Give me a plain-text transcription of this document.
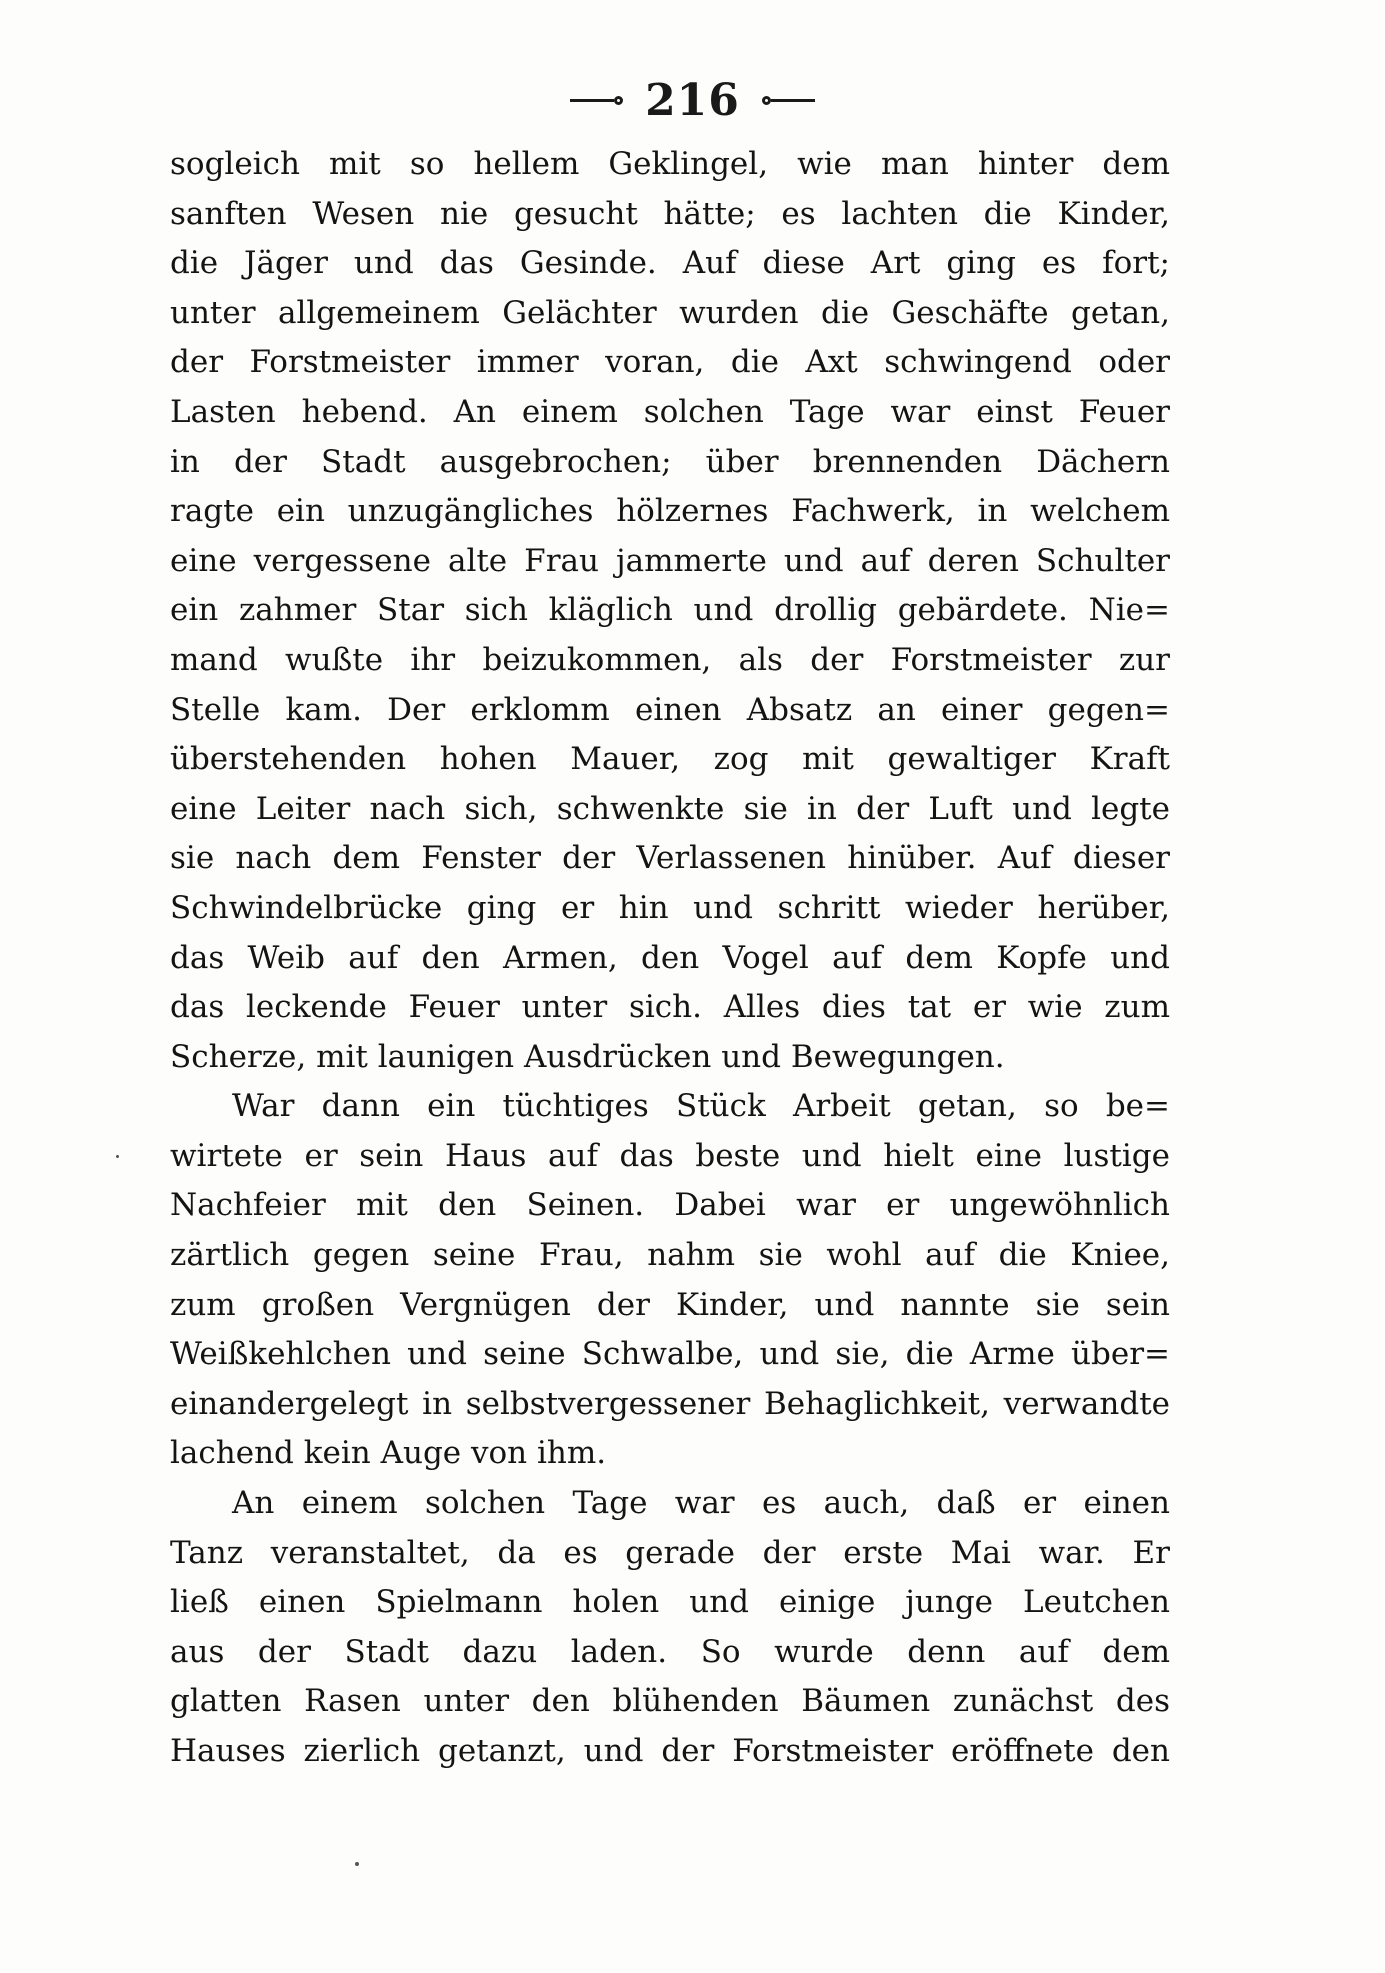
216
sogleich mit so hellem Geklingel, wie man hinter dem
sanften Wesen nie gesucht hätte; es lachten die Kinder,
die Jäger und das Gesinde. Auf diese Art ging es fort;
unter allgemeinem Gelächter wurden die Geschäfte getan,
der Forstmeister immer voran, die Axt schwingend oder
Lasten hebend. An einem solchen Tage war einst Feuer
in der Stadt ausgebrochen; über brennenden Dächern
ragte ein unzugängliches hölzernes Fachwerk, in welchem
eine vergessene alte Frau jammerte und auf deren Schulter
ein zahmer Star sich kläglich und drollig gebärdete. Nie=
mand wußte ihr beizukommen, als der Forstmeister zur
Stelle kam. Der erklomm einen Absatz an einer gegen=
überstehenden hohen Mauer, zog mit gewaltiger Kraft
eine Leiter nach sich, schwenkte sie in der Luft und legte
sie nach dem Fenster der Verlassenen hinüber. Auf dieser
Schwindelbrücke ging er hin und schritt wieder herüber,
das Weib auf den Armen, den Vogel auf dem Kopfe und
das leckende Feuer unter sich. Alles dies tat er wie zum
Scherze, mit launigen Ausdrücken und Bewegungen.
War dann ein tüchtiges Stück Arbeit getan, so be=
wirtete er sein Haus auf das beste und hielt eine lustige
Nachfeier mit den Seinen. Dabei war er ungewöhnlich
zärtlich gegen seine Frau, nahm sie wohl auf die Kniee,
zum großen Vergnügen der Kinder, und nannte sie sein
Weißkehlchen und seine Schwalbe, und sie, die Arme über=
einandergelegt in selbstvergessener Behaglichkeit, verwandte
lachend kein Auge von ihm.
An einem solchen Tage war es auch, daß er einen
Tanz veranstaltet, da es gerade der erste Mai war. Er
ließ einen Spielmann holen und einige junge Leutchen
aus der Stadt dazu laden. So wurde denn auf dem
glatten Rasen unter den blühenden Bäumen zunächst des
Hauses zierlich getanzt, und der Forstmeister eröffnete den
